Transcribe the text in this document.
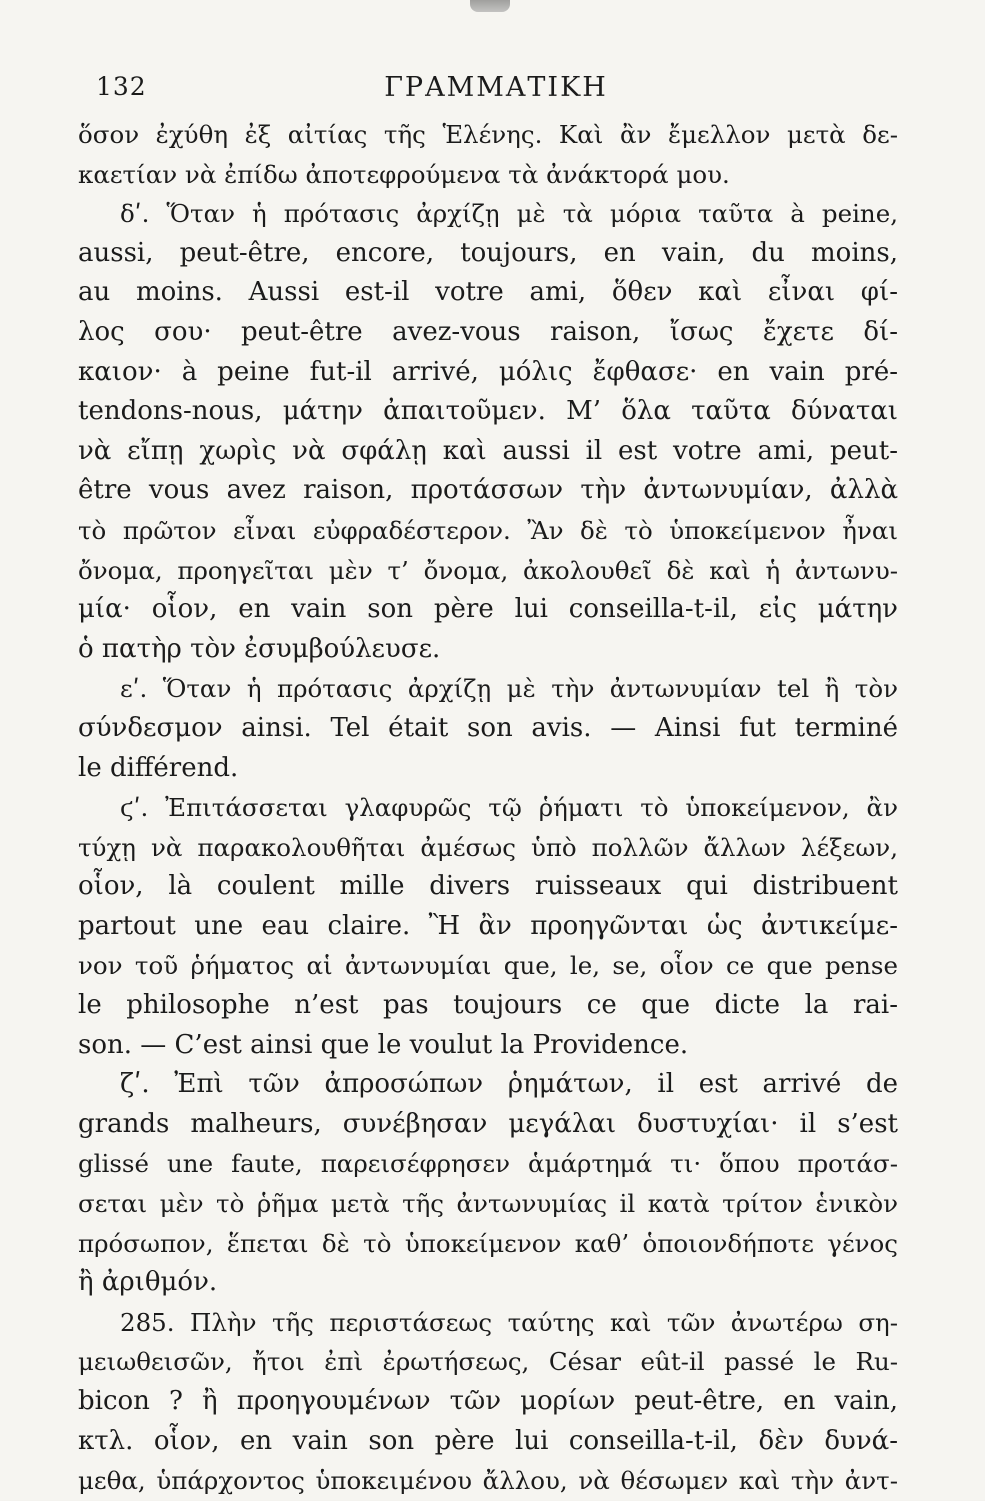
132	ΓΡΑΜΜΑΤΙΚΗ
ὅσον ἐχύθη ἐξ αἰτίας τῆς Ἑλένης. Καὶ ἂν ἔμελλον μετὰ δε-
καετίαν νὰ ἐπίδω ἀποτεφρούμενα τὰ ἀνάκτορά μου.
δʹ. Ὅταν ἡ πρότασις ἀρχίζῃ μὲ τὰ μόρια ταῦτα à peine,
aussi, peut-être, encore, toujours, en vain, du moins,
au moins. Aussi est-il votre ami, ὅθεν καὶ εἶναι φί-
λος σου· peut-être avez-vous raison, ἴσως ἔχετε δί-
καιον· à peine fut-il arrivé, μόλις ἔφθασε· en vain pré-
tendons-nous, μάτην ἀπαιτοῦμεν. Μ’ ὅλα ταῦτα δύναται
νὰ εἴπῃ χωρὶς νὰ σφάλῃ καὶ aussi il est votre ami, peut-
être vous avez raison, προτάσσων τὴν ἀντωνυμίαν, ἀλλὰ
τὸ πρῶτον εἶναι εὐφραδέστερον. Ἂν δὲ τὸ ὑποκείμενον ἦναι
ὄνομα, προηγεῖται μὲν τ’ ὄνομα, ἀκολουθεῖ δὲ καὶ ἡ ἀντωνυ-
μία· οἷον, en vain son père lui conseilla-t-il, εἰς μάτην
ὁ πατὴρ τὸν ἐσυμβούλευσε.
εʹ. Ὅταν ἡ πρότασις ἀρχίζῃ μὲ τὴν ἀντωνυμίαν tel ἢ τὸν
σύνδεσμον ainsi. Tel était son avis. — Ainsi fut terminé
le différend.
ϛʹ. Ἐπιτάσσεται γλαφυρῶς τῷ ῥήματι τὸ ὑποκείμενον, ἂν
τύχῃ νὰ παρακολουθῆται ἀμέσως ὑπὸ πολλῶν ἄλλων λέξεων,
οἷον, là coulent mille divers ruisseaux qui distribuent
partout une eau claire. Ἢ ἂν προηγῶνται ὡς ἀντικείμε-
νον τοῦ ῥήματος αἱ ἀντωνυμίαι que, le, se, οἷον ce que pense
le philosophe n’est pas toujours ce que dicte la rai-
son. — C’est ainsi que le voulut la Providence.
ζʹ. Ἐπὶ τῶν ἀπροσώπων ῥημάτων, il est arrivé de
grands malheurs, συνέβησαν μεγάλαι δυστυχίαι· il s’est
glissé une faute, παρεισέφρησεν ἁμάρτημά τι· ὅπου προτάσ-
σεται μὲν τὸ ῥῆμα μετὰ τῆς ἀντωνυμίας il κατὰ τρίτον ἑνικὸν
πρόσωπον, ἕπεται δὲ τὸ ὑποκείμενον καθ’ ὁποιονδήποτε γένος
ἢ ἀριθμόν.
285. Πλὴν τῆς περιστάσεως ταύτης καὶ τῶν ἀνωτέρω ση-
μειωθεισῶν, ἤτοι ἐπὶ ἐρωτήσεως, César eût-il passé le Ru-
bicon ? ἢ προηγουμένων τῶν μορίων peut-être, en vain,
κτλ. οἷον, en vain son père lui conseilla-t-il, δὲν δυνά-
μεθα, ὑπάρχοντος ὑποκειμένου ἄλλου, νὰ θέσωμεν καὶ τὴν ἀντ-
